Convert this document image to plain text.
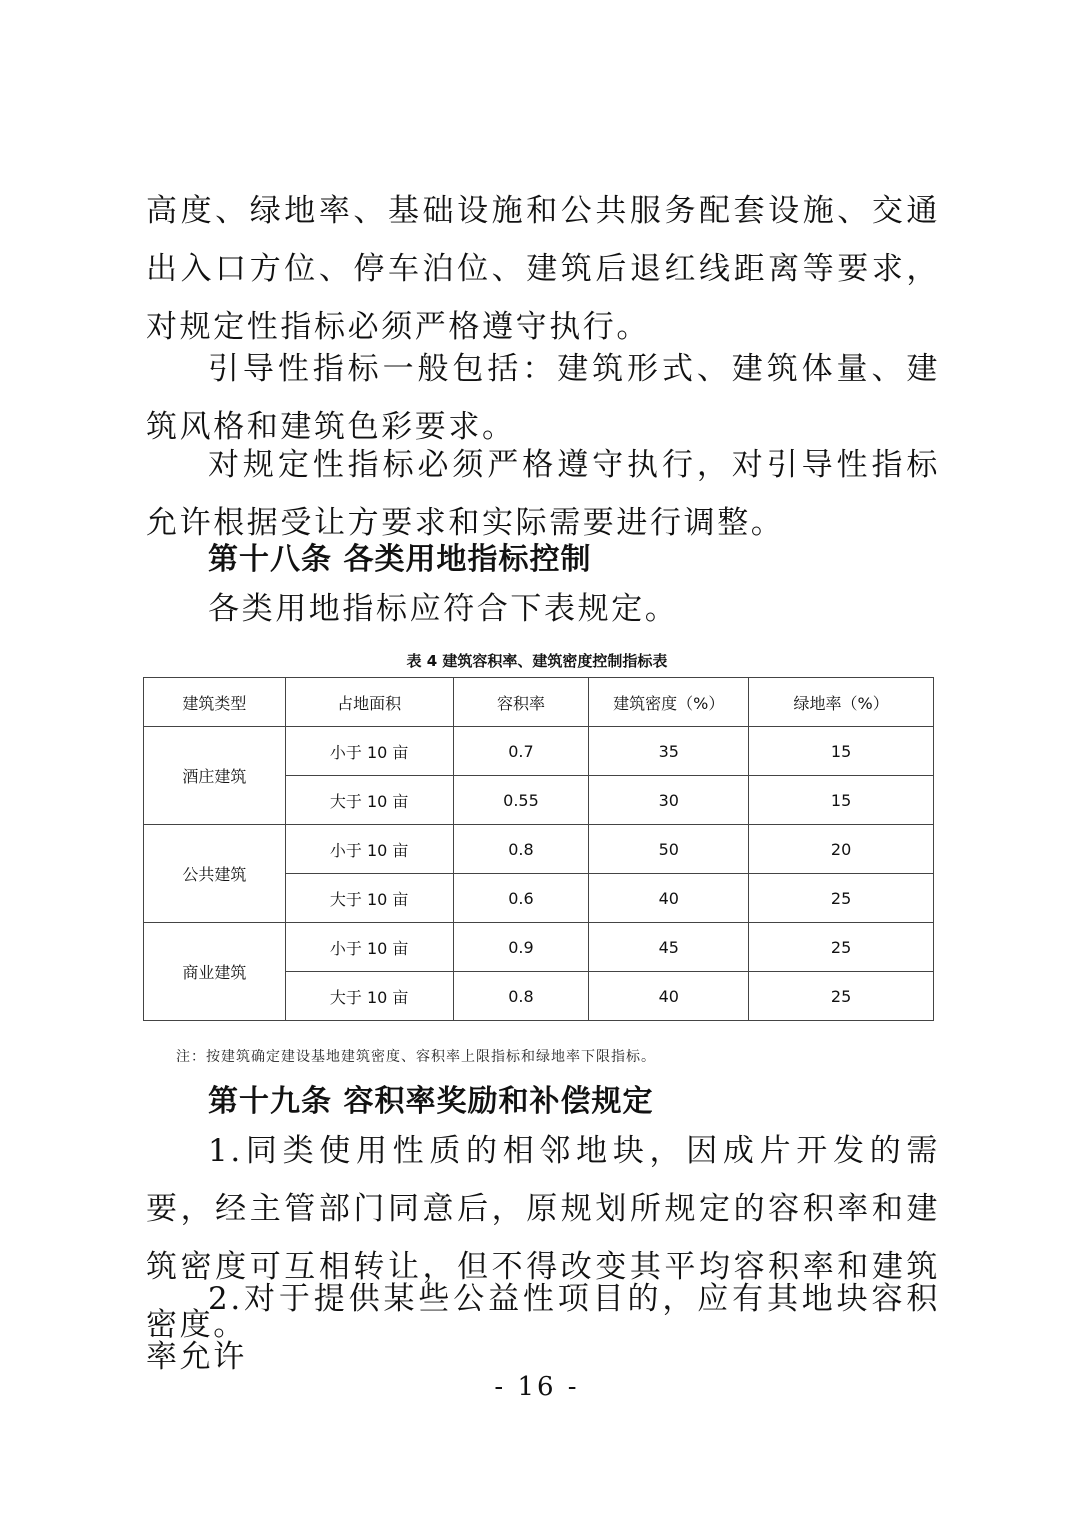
高度、绿地率、基础设施和公共服务配套设施、交通出入口方位、停车泊位、建筑后退红线距离等要求，对规定性指标必须严格遵守执行。

引导性指标一般包括：建筑形式、建筑体量、建筑风格和建筑色彩要求。

对规定性指标必须严格遵守执行，对引导性指标允许根据受让方要求和实际需要进行调整。

第十八条 各类用地指标控制

各类用地指标应符合下表规定。

表 4 建筑容积率、建筑密度控制指标表
建筑类型	占地面积	容积率	建筑密度（%）	绿地率（%）
酒庄建筑	小于 10 亩	0.7	35	15
	大于 10 亩	0.55	30	15
公共建筑	小于 10 亩	0.8	50	20
	大于 10 亩	0.6	40	25
商业建筑	小于 10 亩	0.9	45	25
	大于 10 亩	0.8	40	25
注：按建筑确定建设基地建筑密度、容积率上限指标和绿地率下限指标。
第十九条 容积率奖励和补偿规定

1.同类使用性质的相邻地块，因成片开发的需要，经主管部门同意后，原规划所规定的容积率和建筑密度可互相转让，但不得改变其平均容积率和建筑密度。

2.对于提供某些公益性项目的，应有其地块容积率允许

- 16 -
